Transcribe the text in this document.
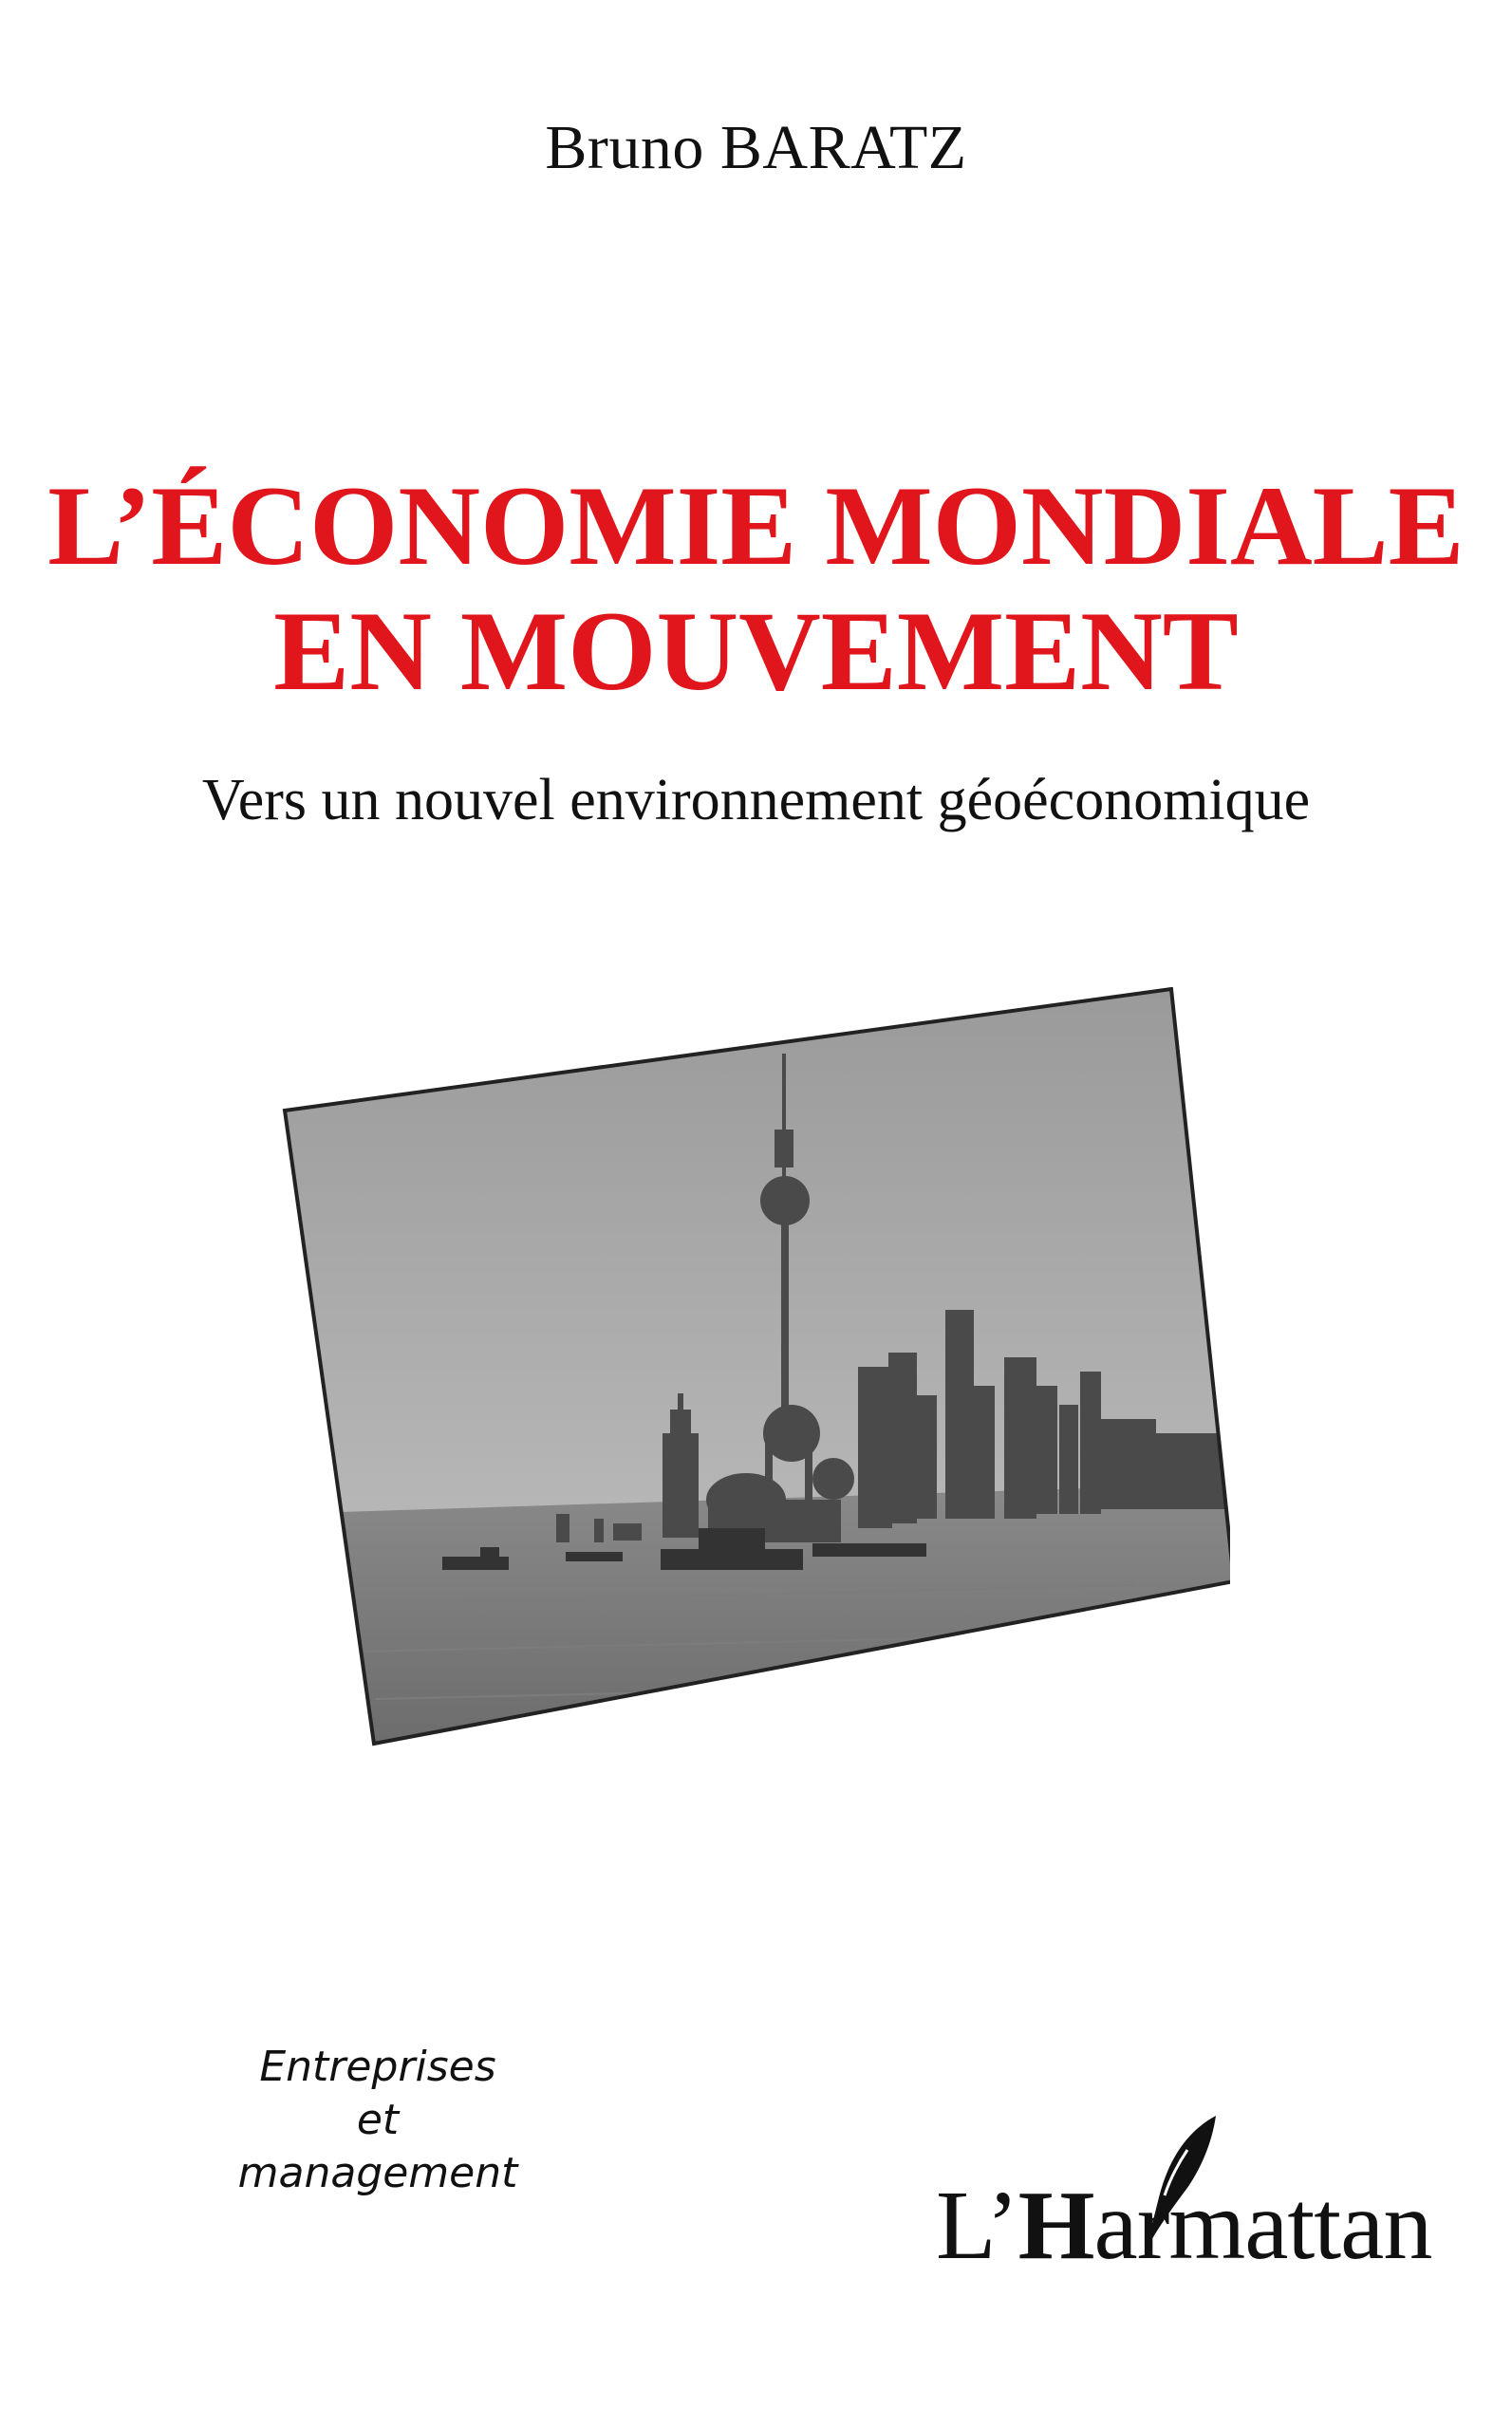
Bruno BARATZ
L’ÉCONOMIE MONDIALE
EN MOUVEMENT
Vers un nouvel environnement géoéconomique
Entreprises
et
management	L’Harmattan
